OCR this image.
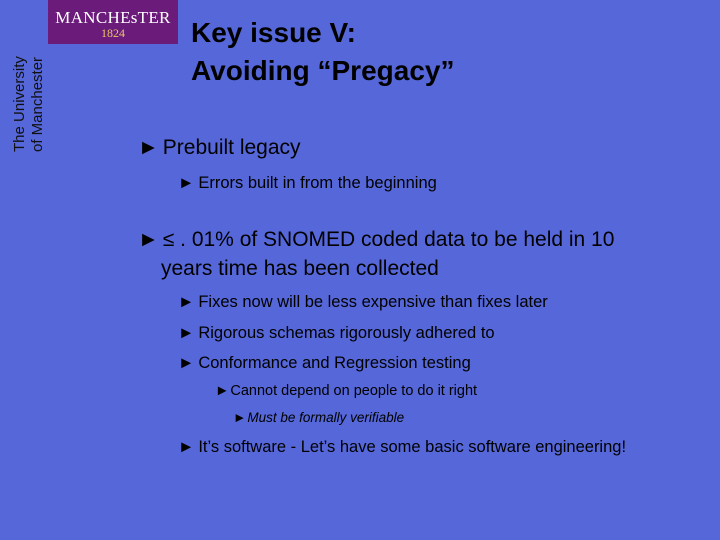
MANCHEsTER
1824
The University of Manchester
Key issue V:
Avoiding “Pregacy”
► Prebuilt legacy
► Errors built in from the beginning
► ≤ . 01% of SNOMED coded data to be held in 10
years time has been collected
► Fixes now will be less expensive than fixes later
► Rigorous schemas rigorously adhered to
► Conformance and Regression testing
►Cannot depend on people to do it right
►Must be formally verifiable
► It’s software - Let’s have some basic software engineering!
